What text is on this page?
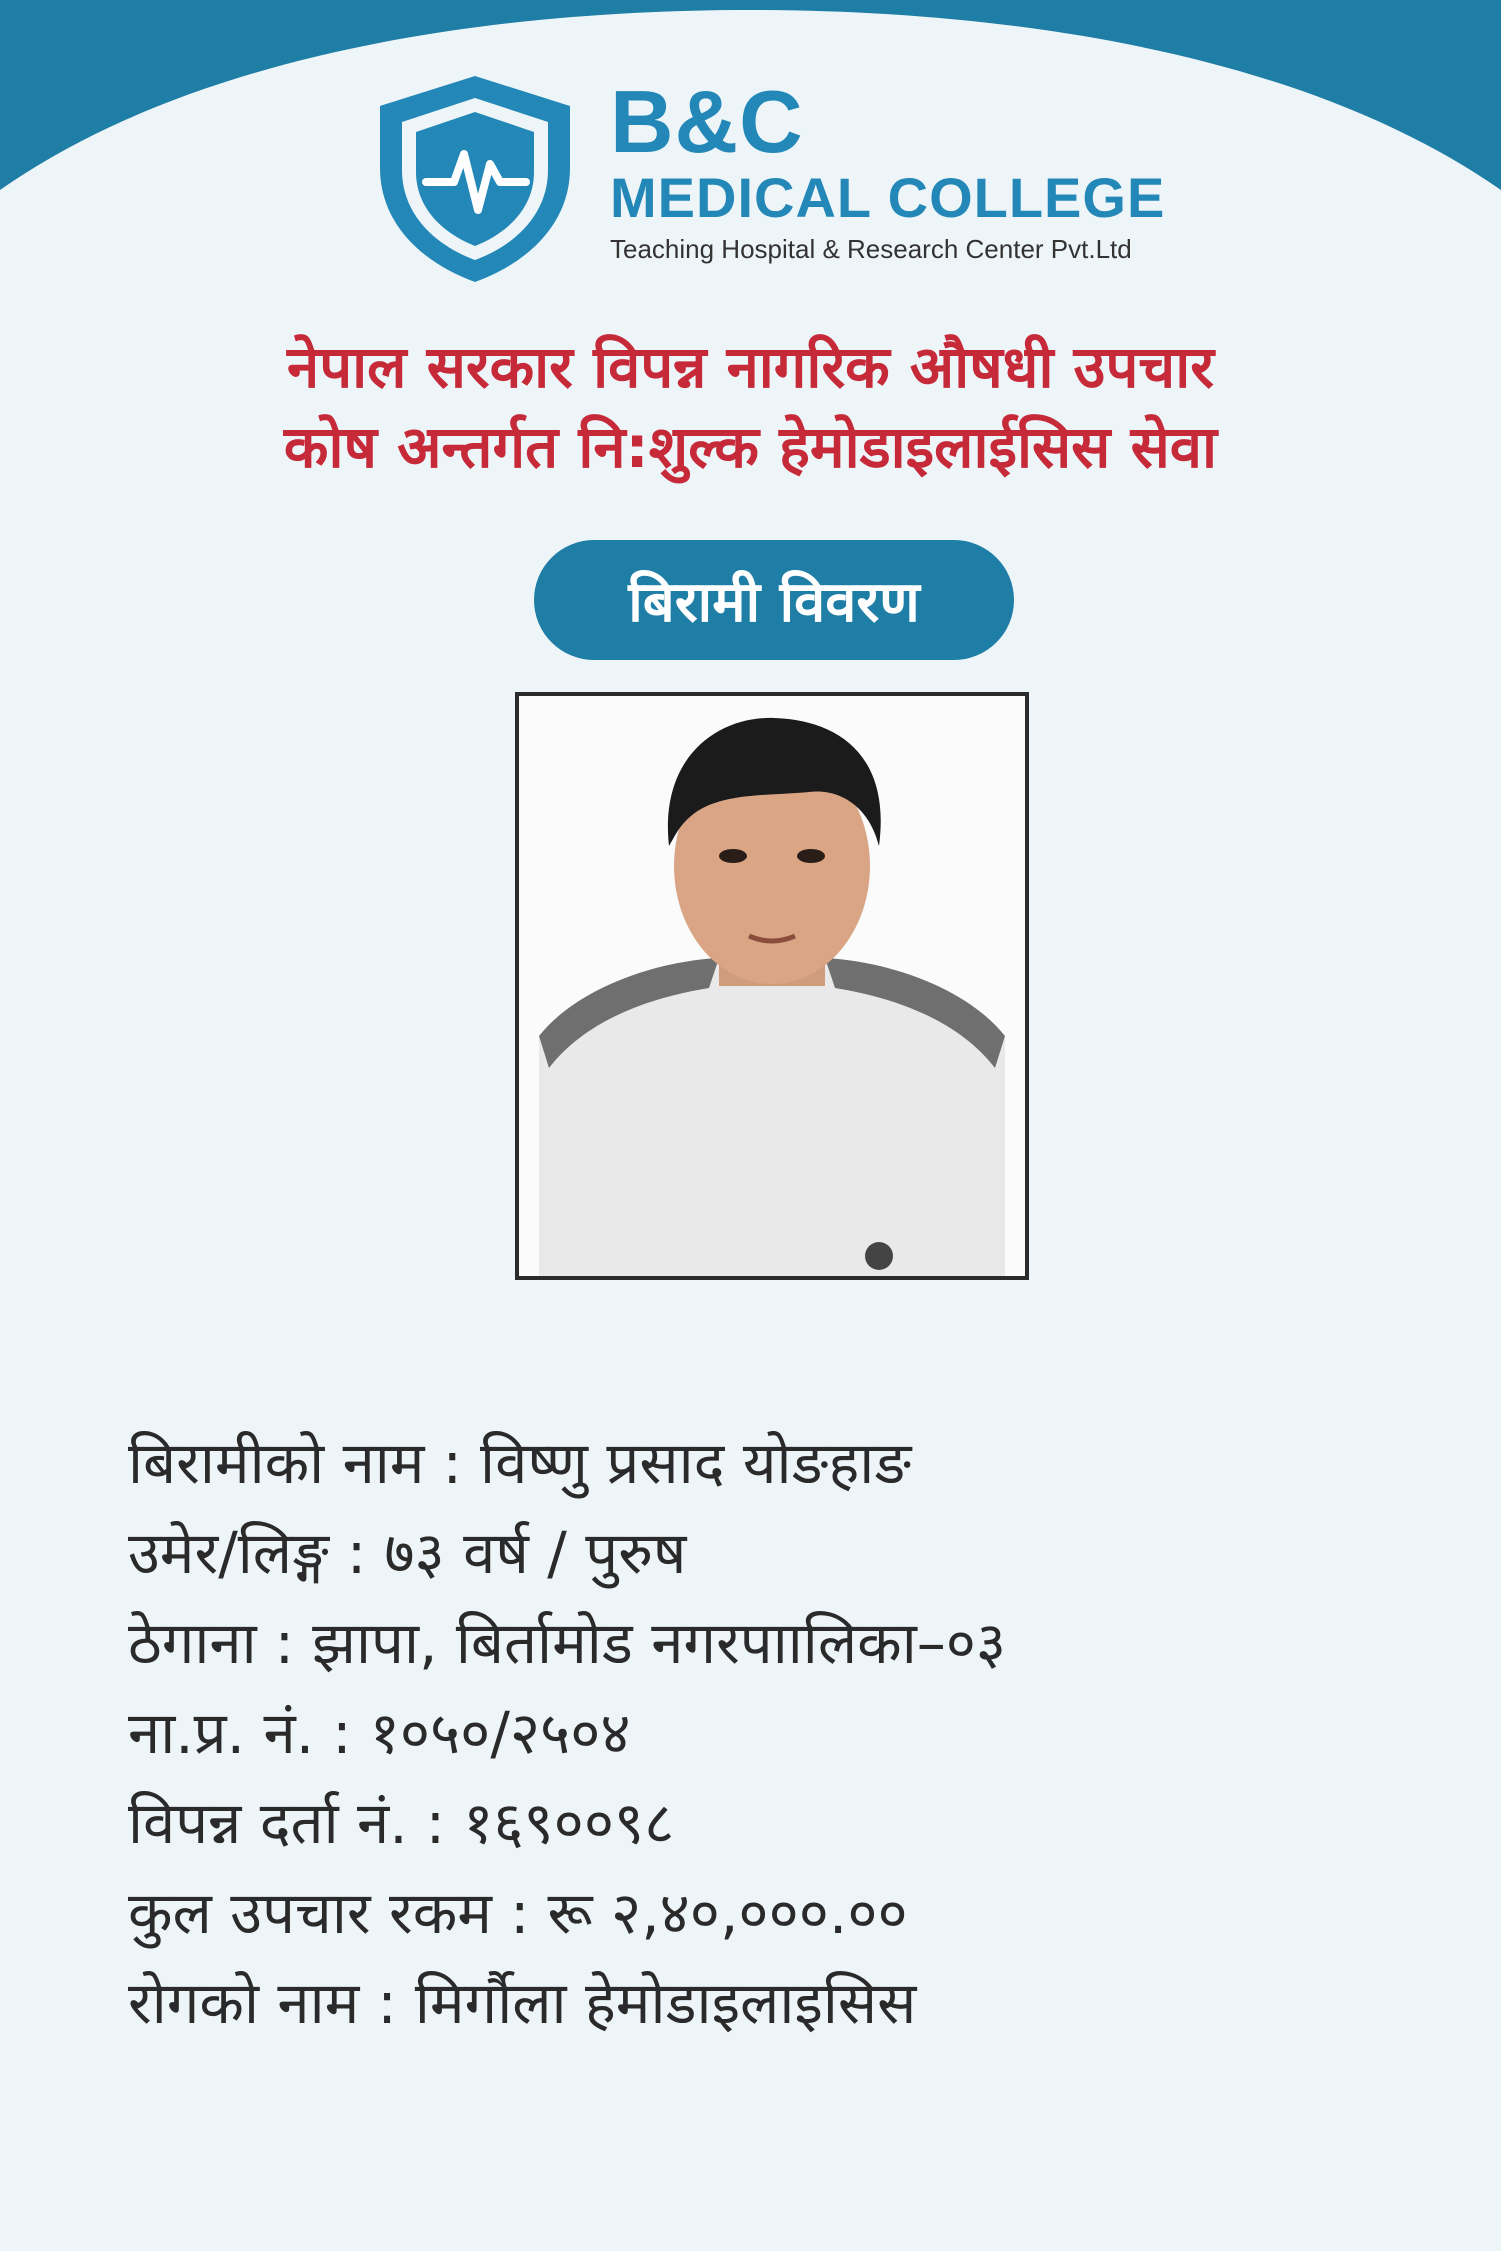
B&C
MEDICAL COLLEGE
Teaching Hospital & Research Center Pvt.Ltd
नेपाल सरकार विपन्न नागरिक औषधी उपचार
कोष अन्तर्गत नि:शुल्क हेमोडाइलाईसिस सेवा
बिरामी विवरण
बिरामीको नाम : विष्णु प्रसाद योङहाङ
उमेर/लिङ्ग : ७३ वर्ष / पुरुष
ठेगाना : झापा, बिर्तामोड नगरपाालिका–०३
ना.प्र. नं. : १०५०/२५०४
विपन्न दर्ता नं. : १६९००९८
कुल उपचार रकम : रू २,४०,०००.००
रोगको नाम : मिर्गौला हेमोडाइलाइसिस
